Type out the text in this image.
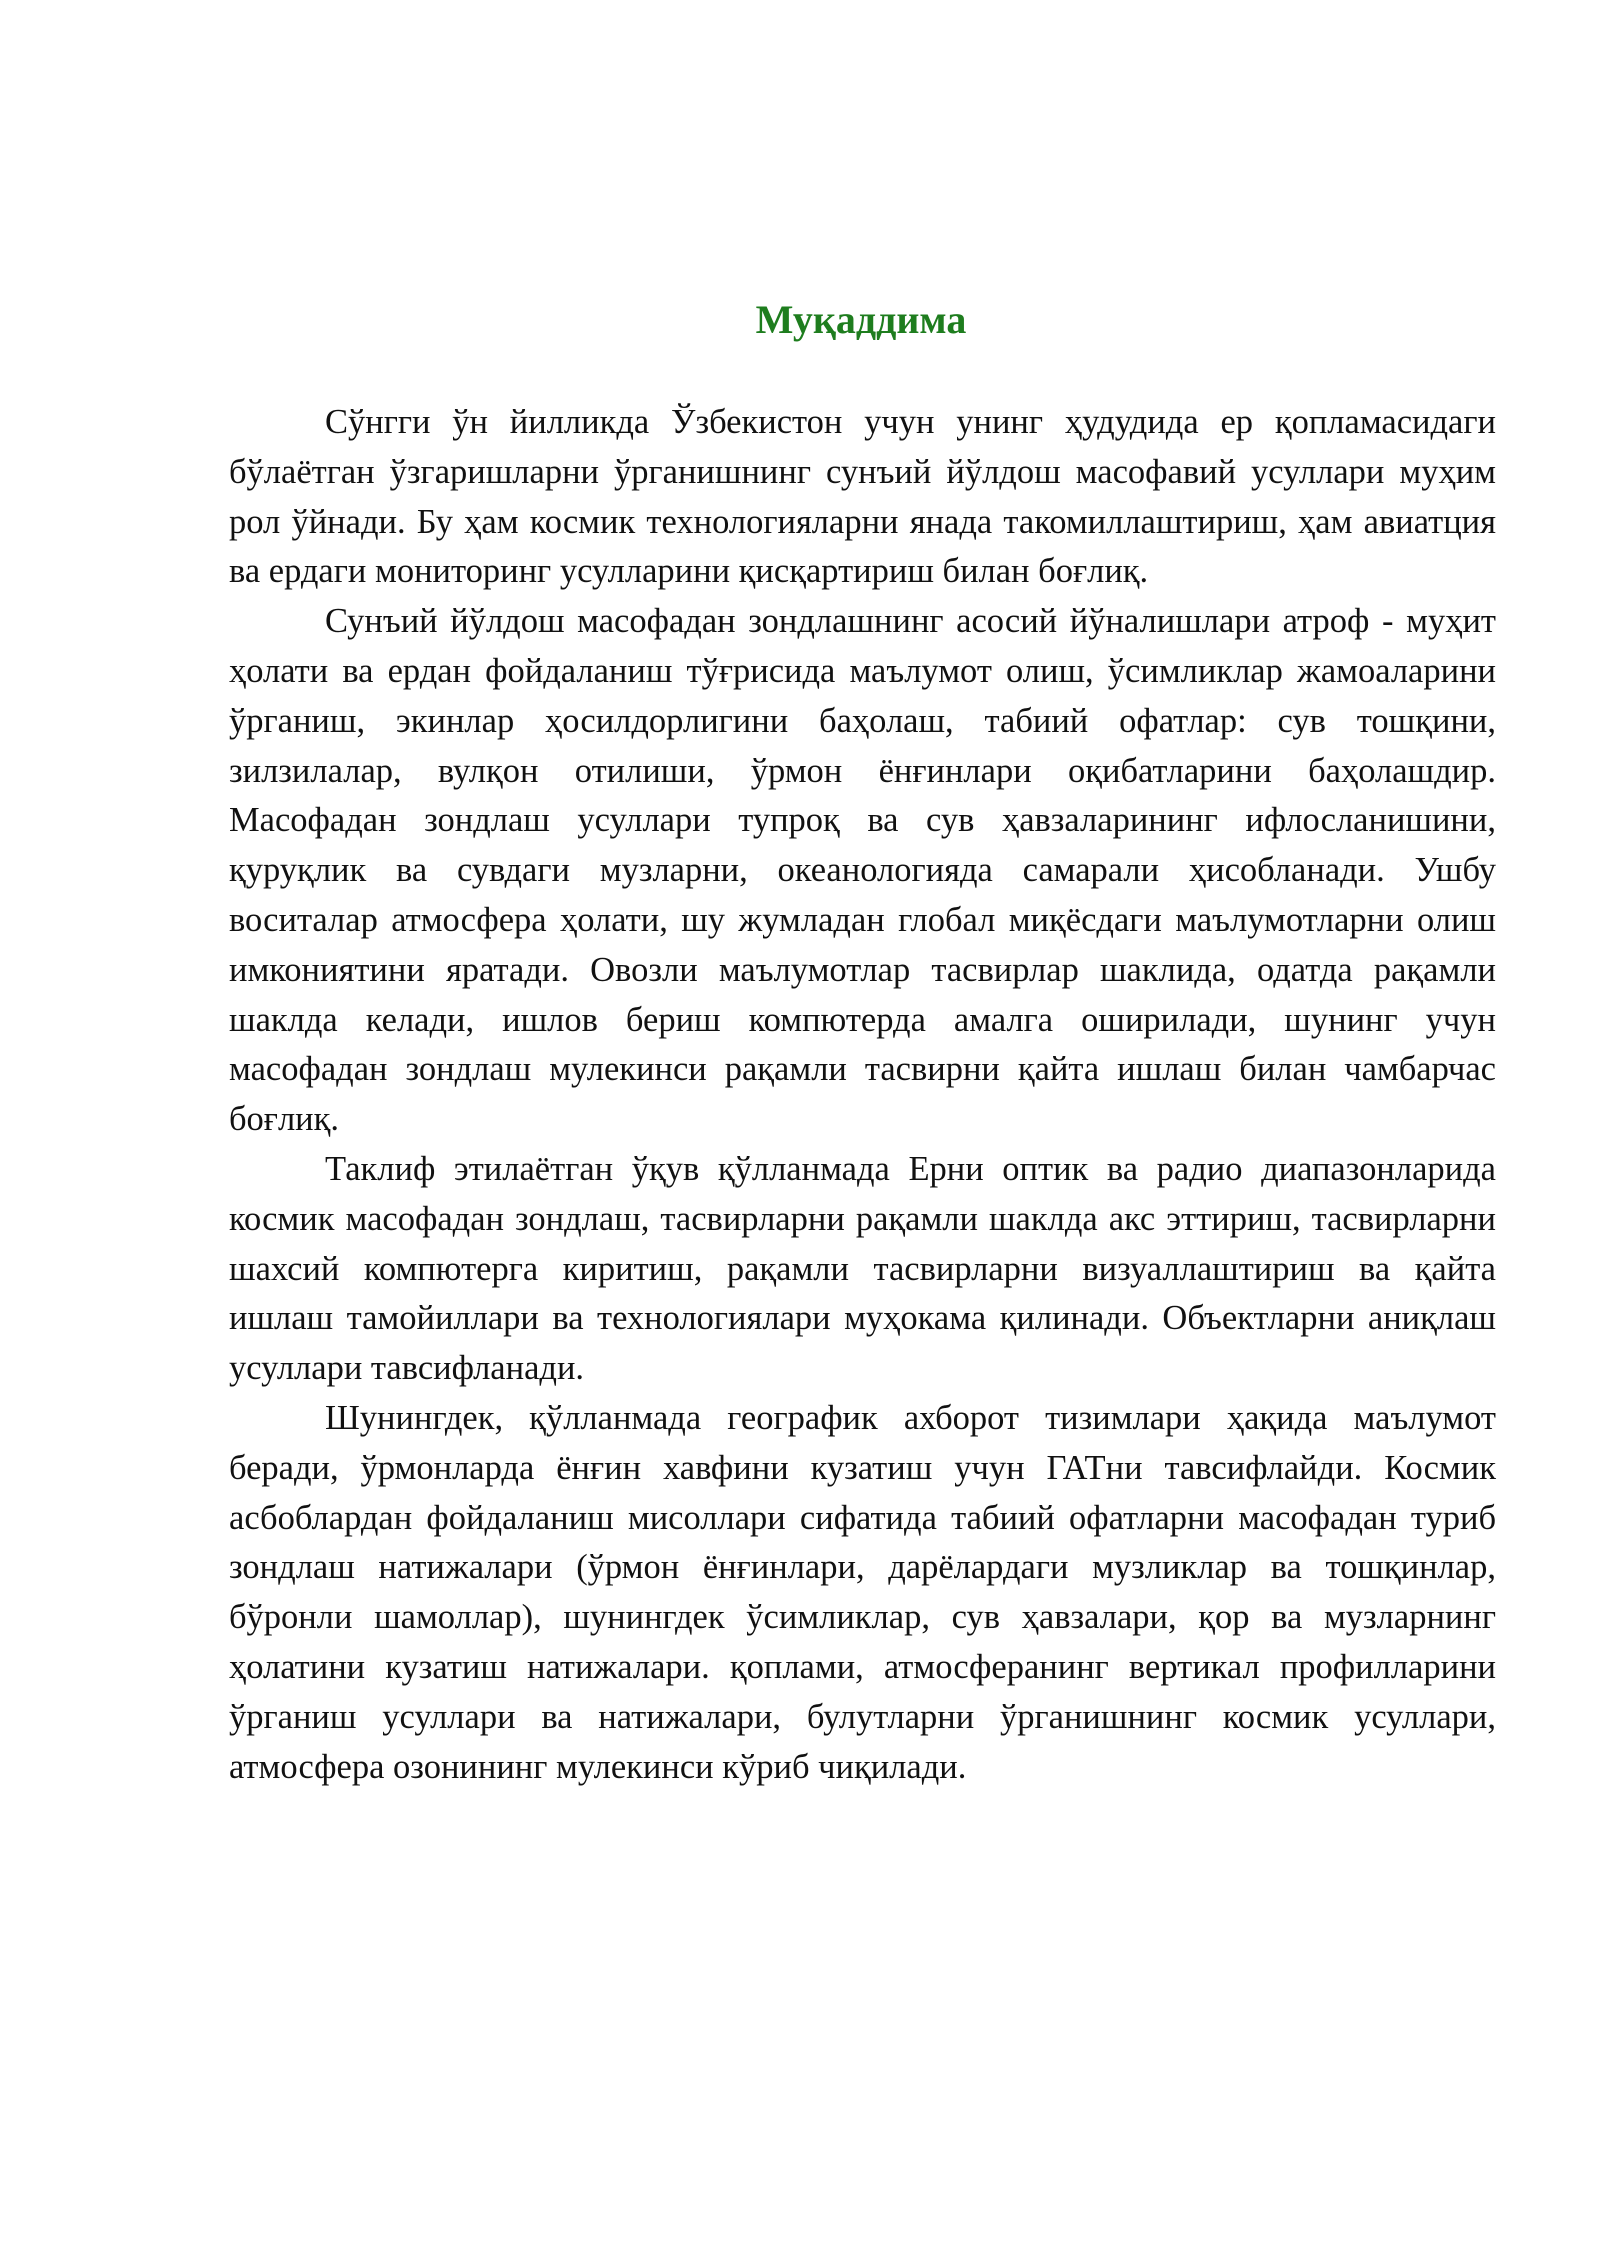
Муқаддима

Сўнгги ўн йилликда Ўзбекистон учун унинг ҳудудида ер қопламасидаги бўлаётган ўзгаришларни ўрганишнинг сунъий йўлдош масофавий усуллари муҳим рол ўйнади. Бу ҳам космик технологияларни янада такомиллаштириш, ҳам авиатция ва ердаги мониторинг усулларини қисқартириш билан боғлиқ.

Сунъий йўлдош масофадан зондлашнинг асосий йўналишлари атроф - муҳит ҳолати ва ердан фойдаланиш тўғрисида маълумот олиш, ўсимликлар жамоаларини ўрганиш, экинлар ҳосилдорлигини баҳолаш, табиий офатлар: сув тошқини, зилзилалар, вулқон отилиши, ўрмон ёнғинлари оқибатларини баҳолашдир. Масофадан зондлаш усуллари тупроқ ва сув ҳавзаларининг ифлосланишини, қуруқлик ва сувдаги музларни, океанологияда самарали ҳисобланади. Ушбу воситалар атмосфера ҳолати, шу жумладан глобал миқёсдаги маълумотларни олиш имкониятини яратади. Овозли маълумотлар тасвирлар шаклида, одатда рақамли шаклда келади, ишлов бериш компютерда амалга оширилади, шунинг учун масофадан зондлаш мулекинси рақамли тасвирни қайта ишлаш билан чамбарчас боғлиқ.

Таклиф этилаётган ўқув қўлланмада Ерни оптик ва радио диапазонларида космик масофадан зондлаш, тасвирларни рақамли шаклда акс эттириш, тасвирларни шахсий компютерга киритиш, рақамли тасвирларни визуаллаштириш ва қайта ишлаш тамойиллари ва технологиялари муҳокама қилинади. Объектларни аниқлаш усуллари тавсифланади.

Шунингдек, қўлланмада географик ахборот тизимлари ҳақида маълумот беради, ўрмонларда ёнғин хавфини кузатиш учун ГАТни тавсифлайди. Космик асбоблардан фойдаланиш мисоллари сифатида табиий офатларни масофадан туриб зондлаш натижалари (ўрмон ёнғинлари, дарёлардаги музликлар ва тошқинлар, бўронли шамоллар), шунингдек ўсимликлар, сув ҳавзалари, қор ва музларнинг ҳолатини кузатиш натижалари. қоплами, атмосферанинг вертикал профилларини ўрганиш усуллари ва натижалари, булутларни ўрганишнинг космик усуллари, атмосфера озонининг мулекинси кўриб чиқилади.
